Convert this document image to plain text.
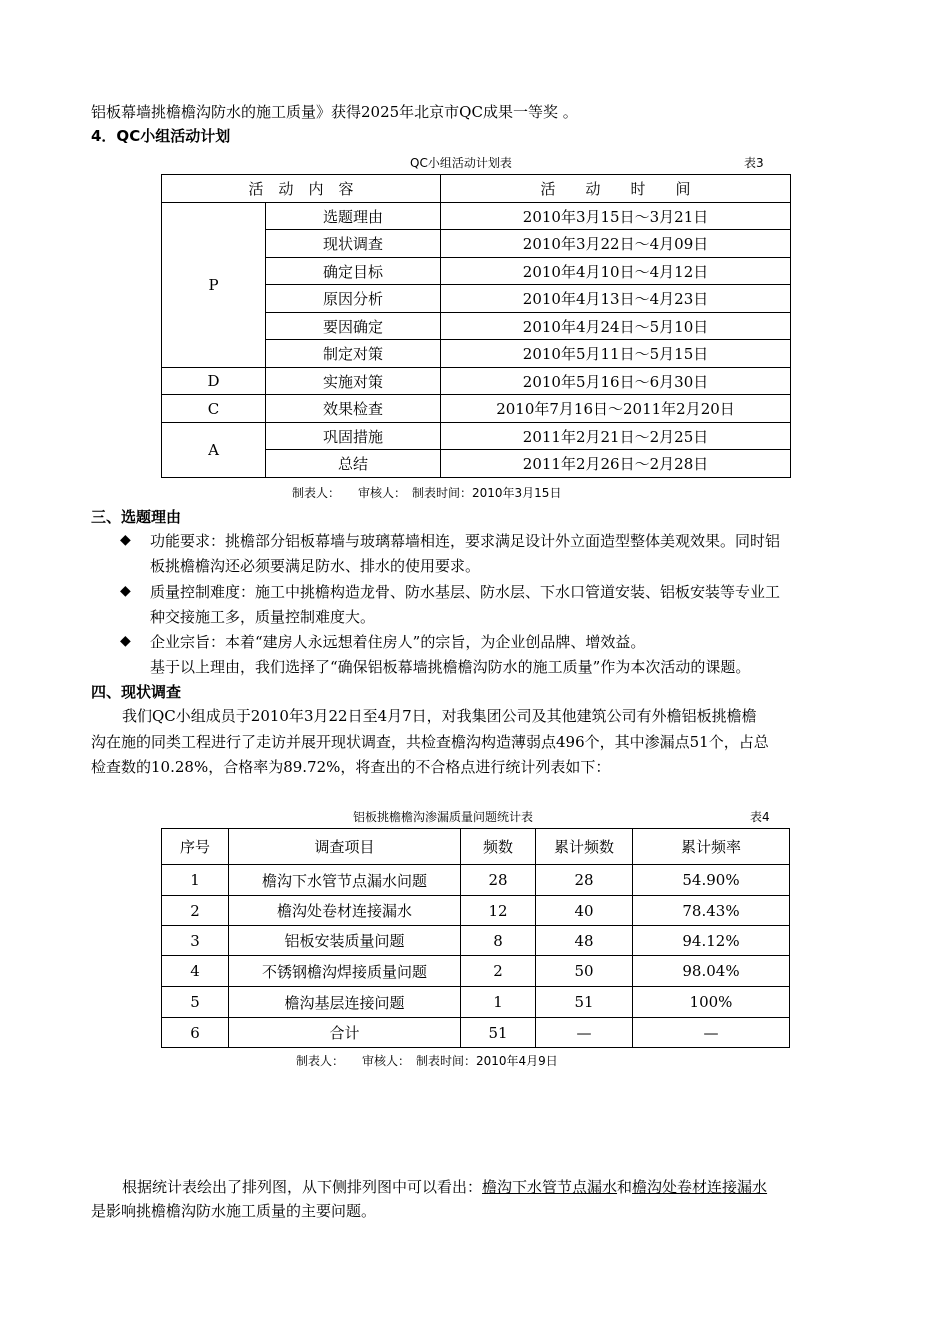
铝板幕墙挑檐檐沟防水的施工质量》获得2025年北京市QC成果一等奖 。
4．QC小组活动计划
QC小组活动计划表	表3
活　动　内　容		活　　动　　时　　间
P	选题理由	2010年3月15日～3月21日
	现状调查	2010年3月22日～4月09日
	确定目标	2010年4月10日～4月12日
	原因分析	2010年4月13日～4月23日
	要因确定	2010年4月24日～5月10日
	制定对策	2010年5月11日～5月15日
D	实施对策	2010年5月16日～6月30日
C	效果检查	2010年7月16日～2011年2月20日
A	巩固措施	2011年2月21日～2月25日
	总结	2011年2月26日～2月28日
制表人：　　审核人：　制表时间：2010年3月15日
三、选题理由
◆ 功能要求：挑檐部分铝板幕墙与玻璃幕墙相连，要求满足设计外立面造型整体美观效果。同时铝
板挑檐檐沟还必须要满足防水、排水的使用要求。
◆ 质量控制难度：施工中挑檐构造龙骨、防水基层、防水层、下水口管道安装、铝板安装等专业工
种交接施工多，质量控制难度大。
◆ 企业宗旨：本着“建房人永远想着住房人”的宗旨，为企业创品牌、增效益。
基于以上理由，我们选择了“确保铝板幕墙挑檐檐沟防水的施工质量”作为本次活动的课题。
四、现状调查
我们QC小组成员于2010年3月22日至4月7日，对我集团公司及其他建筑公司有外檐铝板挑檐檐
沟在施的同类工程进行了走访并展开现状调查，共检查檐沟构造薄弱点496个，其中渗漏点51个，占总
检查数的10.28%，合格率为89.72%，将查出的不合格点进行统计列表如下：
铝板挑檐檐沟渗漏质量问题统计表	表4
序号	调查项目	频数	累计频数	累计频率
1	檐沟下水管节点漏水问题	28	28	54.90%
2	檐沟处卷材连接漏水	12	40	78.43%
3	铝板安装质量问题	8	48	94.12%
4	不锈钢檐沟焊接质量问题	2	50	98.04%
5	檐沟基层连接问题	1	51	100%
6	合计	51	—	—
制表人：　　审核人：　制表时间：2010年4月9日
根据统计表绘出了排列图，从下侧排列图中可以看出：檐沟下水管节点漏水和檐沟处卷材连接漏水
是影响挑檐檐沟防水施工质量的主要问题。
